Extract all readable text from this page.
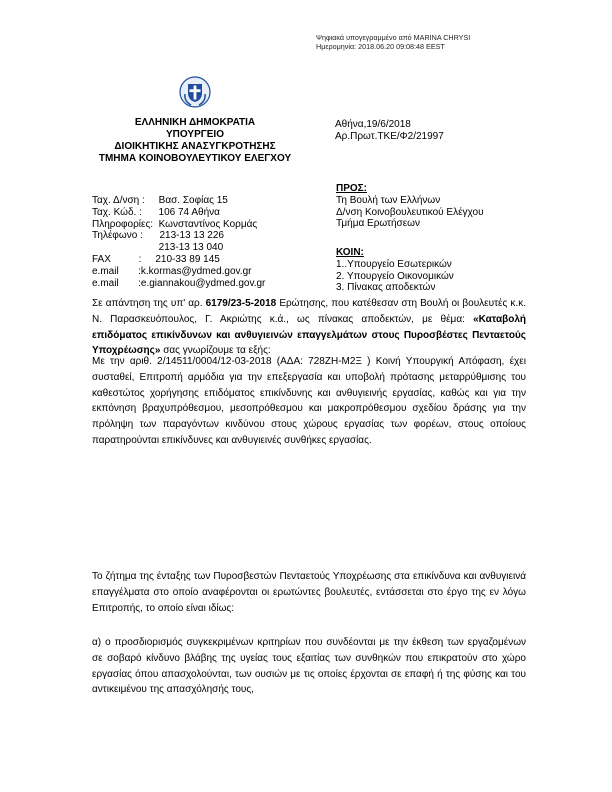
Ψηφιακά υπογεγραμμένο από MARINA CHRYSI
Ημερομηνία: 2018.06.20 09:08:48 EEST
ΕΛΛΗΝΙΚΗ ΔΗΜΟΚΡΑΤΙΑ
ΥΠΟΥΡΓΕΙΟ
ΔΙΟΙΚΗΤΙΚΗΣ ΑΝΑΣΥΓΚΡΟΤΗΣΗΣ
ΤΜΗΜΑ ΚΟΙΝΟΒΟΥΛΕΥΤΙΚΟΥ ΕΛΕΓΧΟΥ
Αθήνα,19/6/2018
Αρ.Πρωτ.ΤΚΕ/Φ2/21997
Ταχ. Δ/νση :     Βασ. Σοφίας 15
Ταχ. Κώδ. :      106 74 Αθήνα
Πληροφορίες:  Κωνσταντίνος Κορμάς
Τηλέφωνο :      213-13 13 226
213-13 13 040
FAX          :     210-33 89 145
e.mail       :k.kormas@ydmed.gov.gr
e.mail       :e.giannakou@ydmed.gov.gr
ΠΡΟΣ:
Τη Βουλή των Ελλήνων
Δ/νση Κοινοβουλευτικού Ελέγχου
Τμήμα Ερωτήσεων
ΚΟΙΝ:
1..Υπουργείο Εσωτερικών
2. Υπουργείο Οικονομικών
3. Πίνακας αποδεκτών
Σε απάντηση της υπ' αρ. 6179/23-5-2018 Ερώτησης, που κατέθεσαν στη Βουλή οι βουλευτές κ.κ. Ν. Παρασκευόπουλος, Γ. Ακριώτης κ.ά., ως πίνακας αποδεκτών, με θέμα: «Καταβολή επιδόματος επικίνδυνων και ανθυγιεινών επαγγελμάτων στους Πυροσβέστες Πενταετούς Υποχρέωσης» σας γνωρίζουμε τα εξής:
Με την αριθ. 2/14511/0004/12-03-2018 (ΑΔΑ: 728ΖΗ-Μ2Ξ ) Κοινή Υπουργική Απόφαση, έχει συσταθεί, Επιτροπή αρμόδια για την επεξεργασία και υποβολή πρότασης μεταρρύθμισης του καθεστώτος χορήγησης επιδόματος επικίνδυνης και ανθυγιεινής εργασίας, καθώς και για την εκπόνηση βραχυπρόθεσμου, μεσοπρόθεσμου και μακροπρόθεσμου σχεδίου δράσης για την πρόληψη των παραγόντων κινδύνου στους χώρους εργασίας των φορέων, στους οποίους παρατηρούνται επικίνδυνες και ανθυγιεινές συνθήκες εργασίας.
Το ζήτημα της ένταξης των Πυροσβεστών Πενταετούς Υποχρέωσης στα επικίνδυνα και ανθυγιεινά επαγγέλματα στο οποίο αναφέρονται οι ερωτώντες βουλευτές, εντάσσεται στο έργο της εν λόγω Επιτροπής, το οποίο είναι ιδίως:
α) ο προσδιορισμός συγκεκριμένων κριτηρίων που συνδέονται με την έκθεση των εργαζομένων σε σοβαρό κίνδυνο βλάβης της υγείας τους εξαιτίας των συνθηκών που επικρατούν στο χώρο εργασίας όπου απασχολούνται, των ουσιών με τις οποίες έρχονται σε επαφή ή της φύσης και του αντικειμένου της απασχόλησής τους,
